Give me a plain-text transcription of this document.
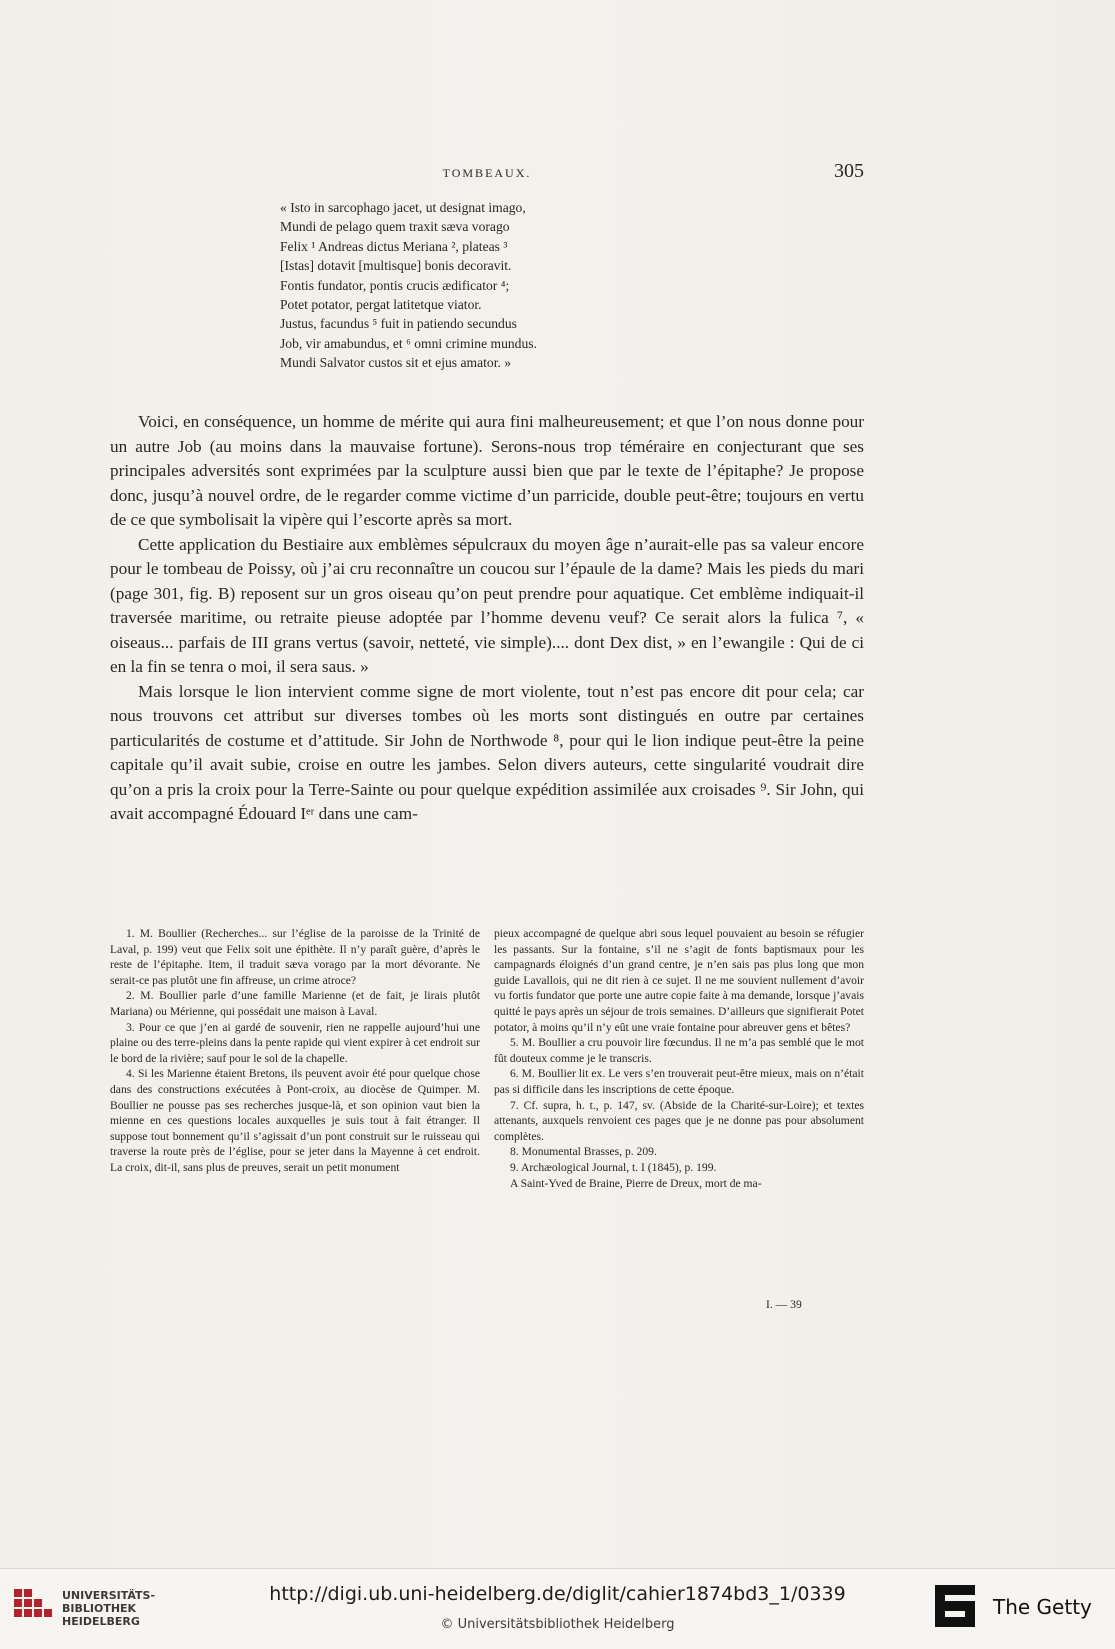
TOMBEAUX.	305
« Isto in sarcophago jacet, ut designat imago,
Mundi de pelago quem traxit sæva vorago
Felix ¹ Andreas dictus Meriana ², plateas ³
[Istas] dotavit [multisque] bonis decoravit.
Fontis fundator, pontis crucis ædificator ⁴;
Potet potator, pergat latitetque viator.
Justus, facundus ⁵ fuit in patiendo secundus
Job, vir amabundus, et ⁶ omni crimine mundus.
Mundi Salvator custos sit et ejus amator. »

Voici, en conséquence, un homme de mérite qui aura fini malheureusement; et que l’on nous donne pour un autre Job (au moins dans la mauvaise fortune). Serons-nous trop téméraire en conjecturant que ses principales adversités sont exprimées par la sculpture aussi bien que par le texte de l’épitaphe? Je propose donc, jusqu’à nouvel ordre, de le regarder comme victime d’un parricide, double peut-être; toujours en vertu de ce que symbolisait la vipère qui l’escorte après sa mort.

Cette application du Bestiaire aux emblèmes sépulcraux du moyen âge n’aurait-elle pas sa valeur encore pour le tombeau de Poissy, où j’ai cru reconnaître un coucou sur l’épaule de la dame? Mais les pieds du mari (page 301, fig. B) reposent sur un gros oiseau qu’on peut prendre pour aquatique. Cet emblème indiquait-il traversée maritime, ou retraite pieuse adoptée par l’homme devenu veuf? Ce serait alors la fulica ⁷, « oiseaus... parfais de III grans vertus (savoir, netteté, vie simple).... dont Dex dist, » en l’ewangile : Qui de ci en la fin se tenra o moi, il sera saus. »

Mais lorsque le lion intervient comme signe de mort violente, tout n’est pas encore dit pour cela; car nous trouvons cet attribut sur diverses tombes où les morts sont distingués en outre par certaines particularités de costume et d’attitude. Sir John de Northwode ⁸, pour qui le lion indique peut-être la peine capitale qu’il avait subie, croise en outre les jambes. Selon divers auteurs, cette singularité voudrait dire qu’on a pris la croix pour la Terre-Sainte ou pour quelque expédition assimilée aux croisades ⁹. Sir John, qui avait accompagné Édouard Iᵉʳ dans une cam-

1. M. Boullier (Recherches... sur l’église de la paroisse de la Trinité de Laval, p. 199) veut que Felix soit une épithète. Il n’y paraît guère, d’après le reste de l’épitaphe. Item, il traduit sæva vorago par la mort dévorante. Ne serait-ce pas plutôt une fin affreuse, un crime atroce?

2. M. Boullier parle d’une famille Marienne (et de fait, je lirais plutôt Mariana) ou Mérienne, qui possédait une maison à Laval.

3. Pour ce que j’en ai gardé de souvenir, rien ne rappelle aujourd’hui une plaine ou des terre-pleins dans la pente rapide qui vient expirer à cet endroit sur le bord de la rivière; sauf pour le sol de la chapelle.

4. Si les Marienne étaient Bretons, ils peuvent avoir été pour quelque chose dans des constructions exécutées à Pont-croix, au diocèse de Quimper. M. Boullier ne pousse pas ses recherches jusque-là, et son opinion vaut bien la mienne en ces questions locales auxquelles je suis tout à fait étranger. Il suppose tout bonnement qu’il s’agissait d’un pont construit sur le ruisseau qui traverse la route près de l’église, pour se jeter dans la Mayenne à cet endroit. La croix, dit-il, sans plus de preuves, serait un petit monument

pieux accompagné de quelque abri sous lequel pouvaient au besoin se réfugier les passants. Sur la fontaine, s’il ne s’agit de fonts baptismaux pour les campagnards éloignés d’un grand centre, je n’en sais pas plus long que mon guide Lavallois, qui ne dit rien à ce sujet. Il ne me souvient nullement d’avoir vu fortis fundator que porte une autre copie faite à ma demande, lorsque j’avais quitté le pays après un séjour de trois semaines. D’ailleurs que signifierait Potet potator, à moins qu’il n’y eût une vraie fontaine pour abreuver gens et bêtes?

5. M. Boullier a cru pouvoir lire fœcundus. Il ne m’a pas semblé que le mot fût douteux comme je le transcris.

6. M. Boullier lit ex. Le vers s’en trouverait peut-être mieux, mais on n’était pas si difficile dans les inscriptions de cette époque.

7. Cf. supra, h. t., p. 147, sv. (Abside de la Charité-sur-Loire); et textes attenants, auxquels renvoient ces pages que je ne donne pas pour absolument complètes.

8. Monumental Brasses, p. 209.

9. Archæological Journal, t. I (1845), p. 199.

A Saint-Yved de Braine, Pierre de Dreux, mort de ma-

I. — 39
UNIVERSITÄTS-
BIBLIOTHEK
HEIDELBERG
http://digi.ub.uni-heidelberg.de/diglit/cahier1874bd3_1/0339
© Universitätsbibliothek Heidelberg
The Getty
